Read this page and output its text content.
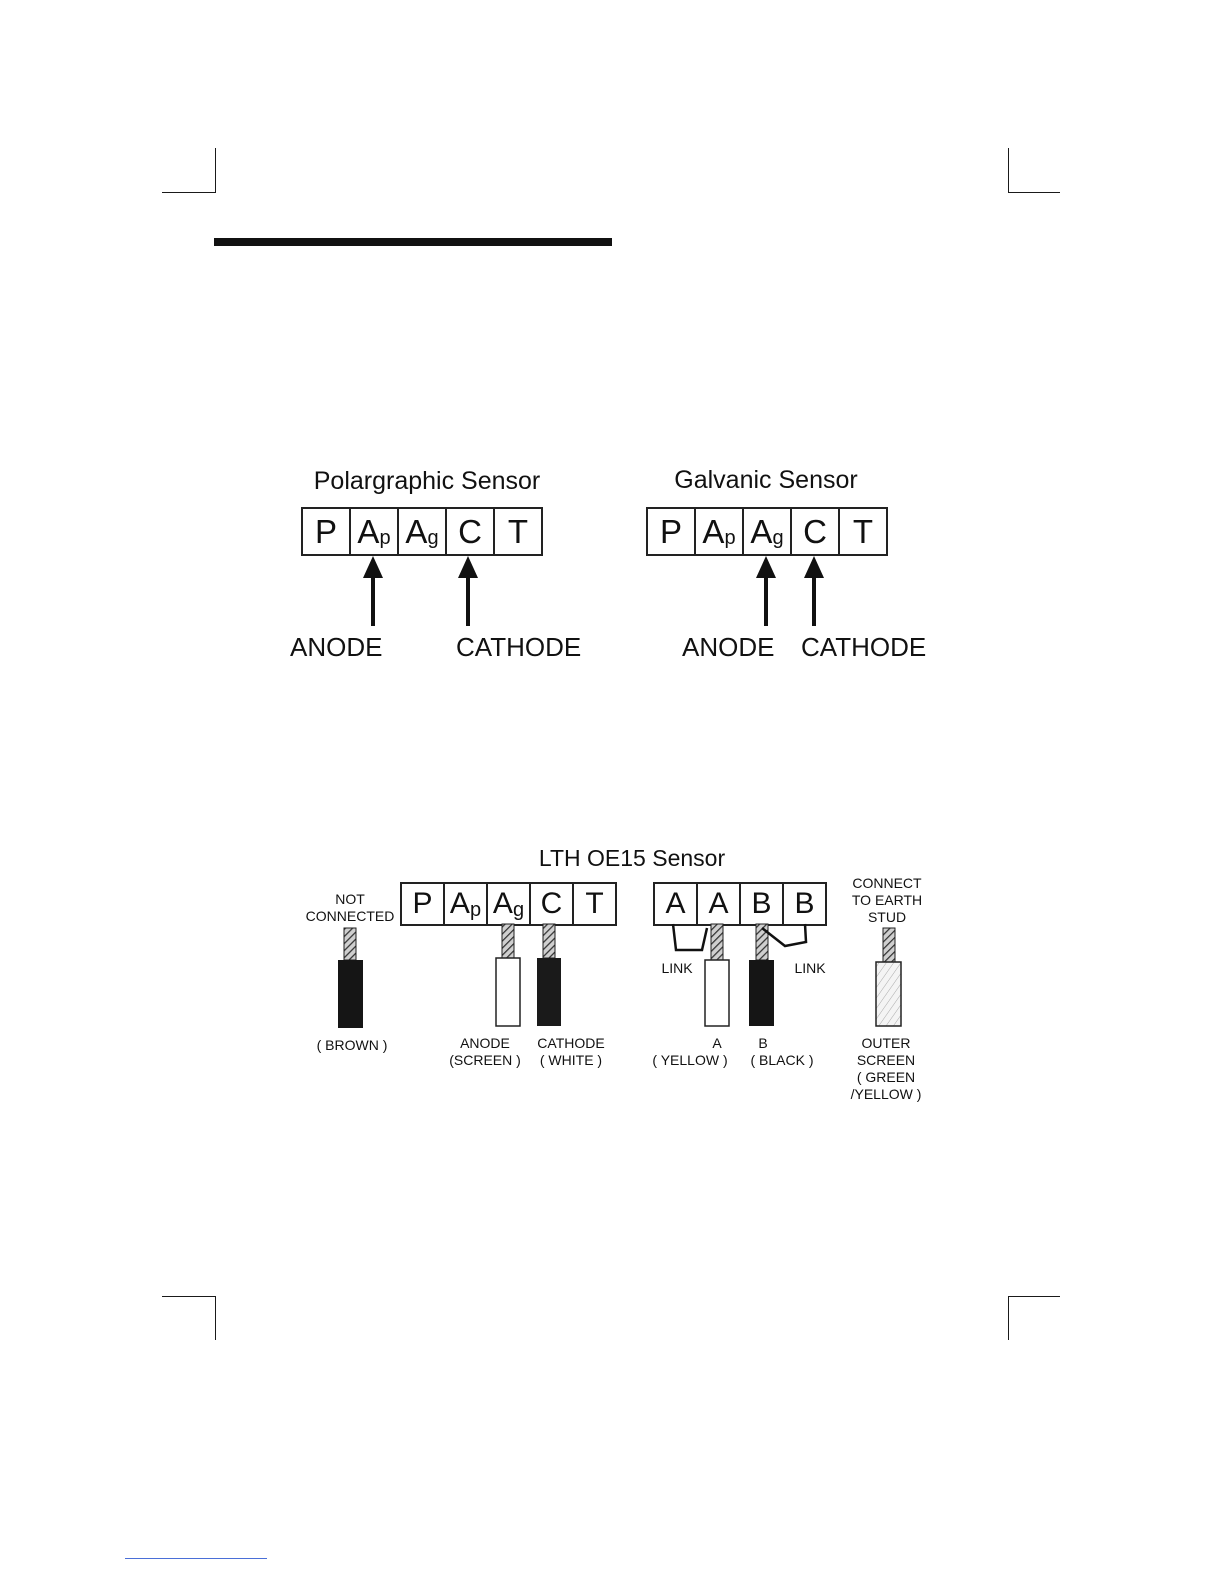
Polargraphic Sensor
P $A_p$ $A_g$ C T
ANODE	CATHODE
Galvanic Sensor
P $A_p$ $A_g$ C T
ANODE CATHODE
LTH OE15 Sensor
P $A_p$ $A_g$ C T A A B B
NOT
CONNECTED
( BROWN )	ANODE
(SCREEN )
CATHODE
( WHITE )
LINK	LINK
A
( YELLOW )
B
( BLACK )
CONNECT
TO EARTH
STUD
OUTER
SCREEN
( GREEN
/YELLOW )
